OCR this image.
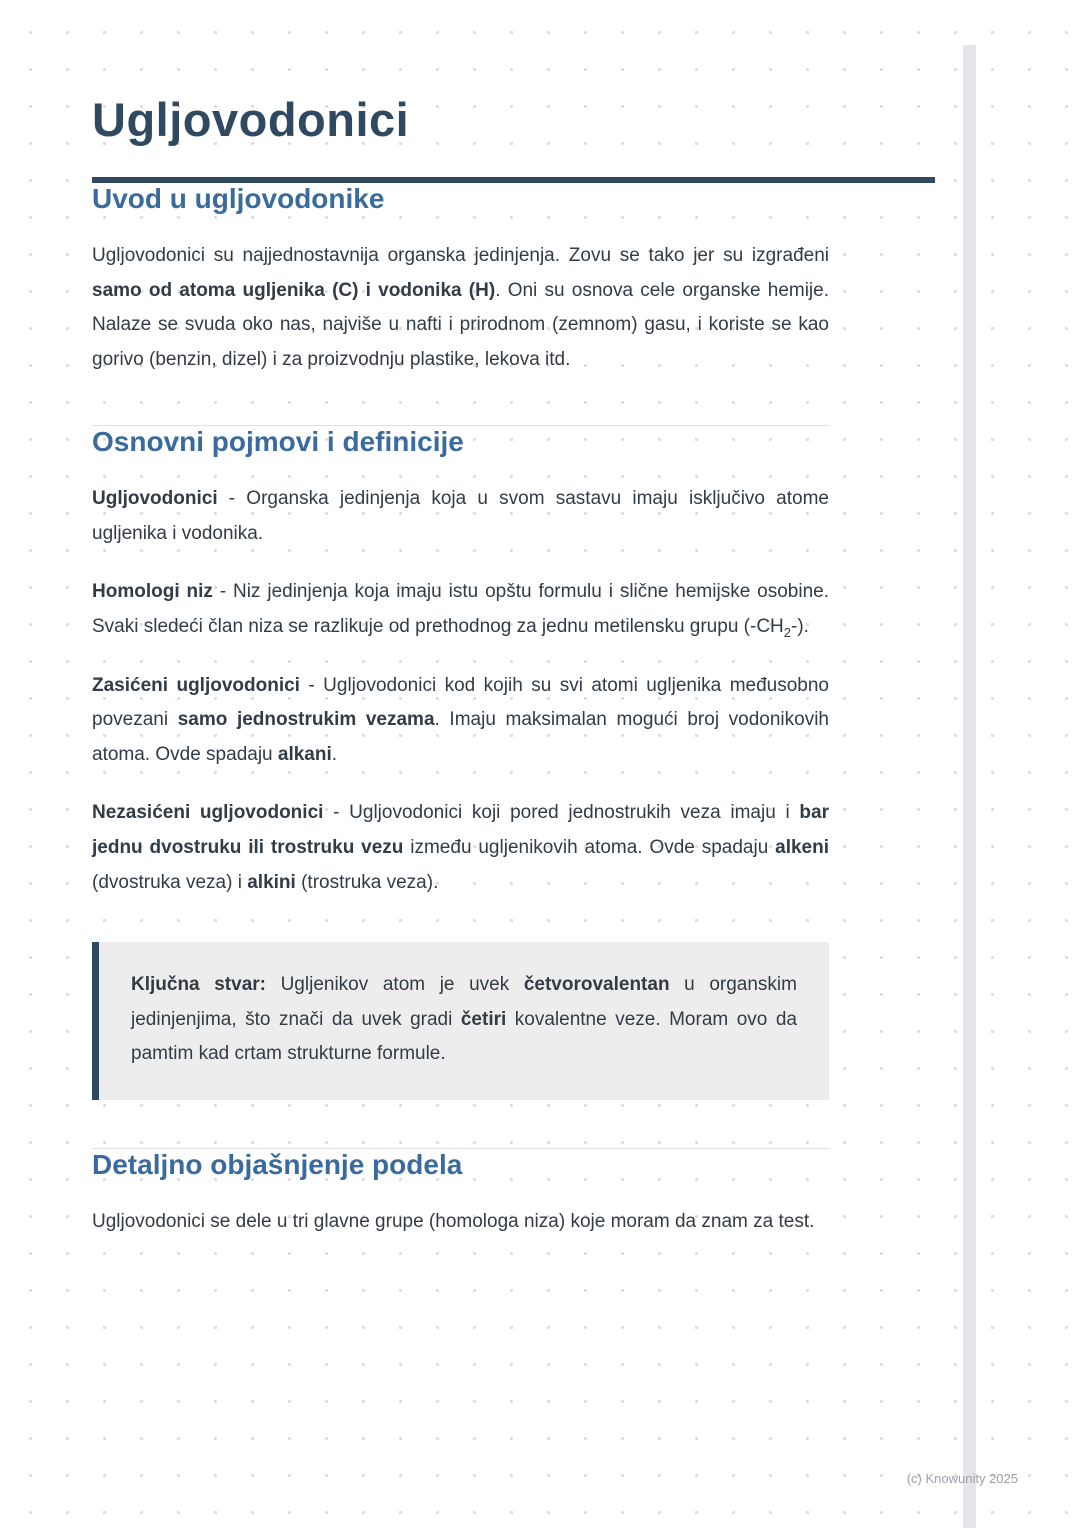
Ugljovodonici
Uvod u ugljovodonike

Ugljovodonici su najjednostavnija organska jedinjenja. Zovu se tako jer su izgrađeni samo od atoma ugljenika (C) i vodonika (H). Oni su osnova cele organske hemije. Nalaze se svuda oko nas, najviše u nafti i prirodnom (zemnom) gasu, i koriste se kao gorivo (benzin, dizel) i za proizvodnju plastike, lekova itd.

Osnovni pojmovi i definicije

Ugljovodonici - Organska jedinjenja koja u svom sastavu imaju isključivo atome ugljenika i vodonika.

Homologi niz - Niz jedinjenja koja imaju istu opštu formulu i slične hemijske osobine. Svaki sledeći član niza se razlikuje od prethodnog za jednu metilensku grupu $(-CH_2-)$.

Zasićeni ugljovodonici - Ugljovodonici kod kojih su svi atomi ugljenika međusobno povezani samo jednostrukim vezama. Imaju maksimalan mogući broj vodonikovih atoma. Ovde spadaju alkani.

Nezasićeni ugljovodonici - Ugljovodonici koji pored jednostrukih veza imaju i bar jednu dvostruku ili trostruku vezu između ugljenikovih atoma. Ovde spadaju alkeni (dvostruka veza) i alkini (trostruka veza).

Ključna stvar: Ugljenikov atom je uvek četvorovalentan u organskim jedinjenjima, što znači da uvek gradi četiri kovalentne veze. Moram ovo da pamtim kad crtam strukturne formule.

Detaljno objašnjenje podela

Ugljovodonici se dele u tri glavne grupe (homologa niza) koje moram da znam za test.

(c) Knowunity 2025
